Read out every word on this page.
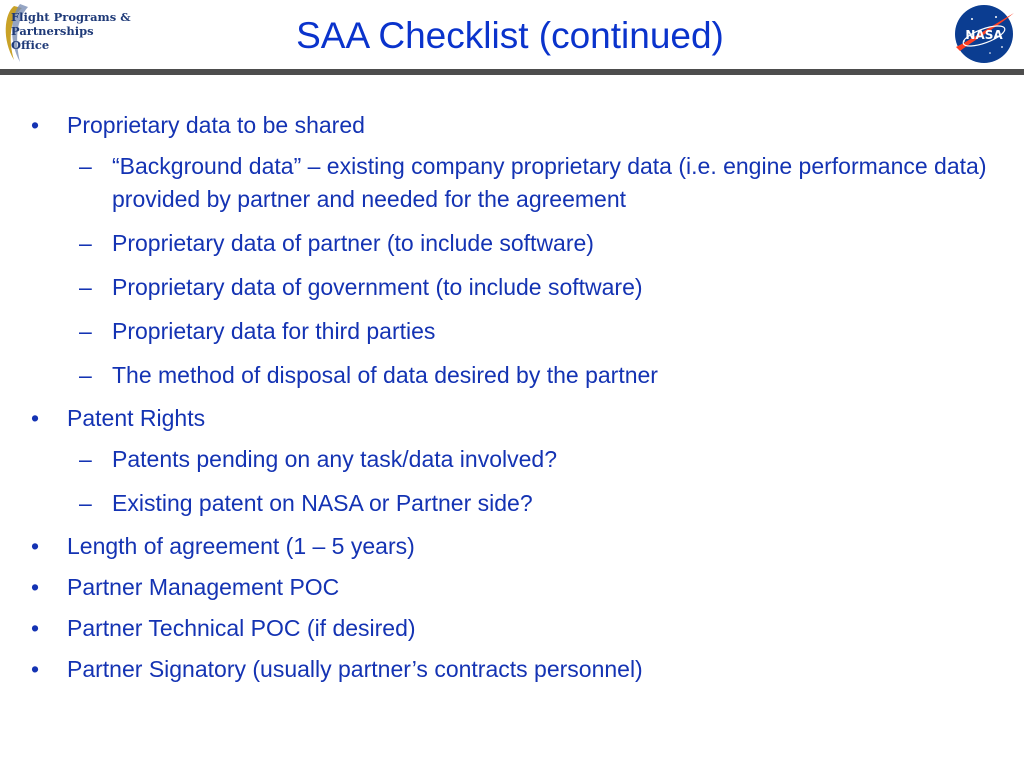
Flight Programs &
Partnerships
Office	SAA Checklist (continued)	NASA
• Proprietary data to be shared
– “Background data” – existing company proprietary data (i.e. engine performance data) provided by partner and needed for the agreement
– Proprietary data of partner (to include software)
– Proprietary data of government (to include software)
– Proprietary data for third parties
– The method of disposal of data desired by the partner
• Patent Rights
– Patents pending on any task/data involved?
– Existing patent on NASA or Partner side?
• Length of agreement (1 – 5 years)
• Partner Management POC
• Partner Technical POC (if desired)
• Partner Signatory (usually partner’s contracts personnel)
